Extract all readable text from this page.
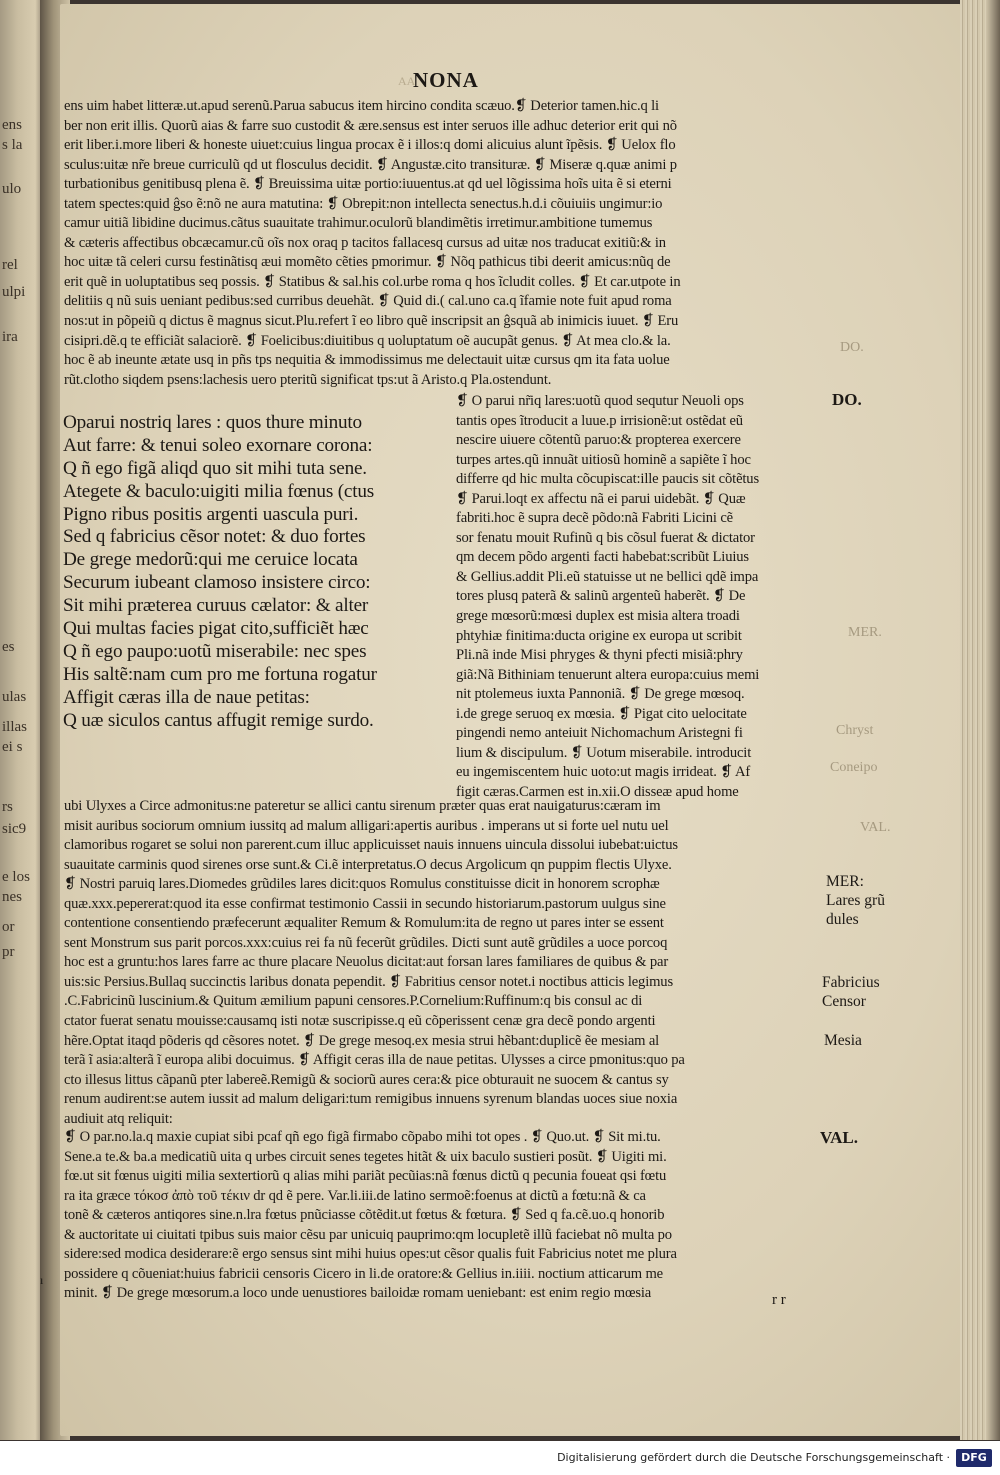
ens
s la
ulo
rel
ulpi
ira
es
ulas
illas
ei s
rs
sic9
e los
nes
or
pr
AA
NONA
ens uim habet litteræ.ut.apud serenũ.Parua sabucus item hircino condita scæuo.❡ Deterior tamen.hic.q li
ber non erit illis. Quorũ aias & farre suo custodit & ære.sensus est inter seruos ille adhuc deterior erit qui nõ
erit liber.i.more liberi & honeste uiuet:cuius lingua procax ẽ i illos:q domi alicuius alunt ĩpẽsis. ❡ Uelox flo
sculus:uitæ nr̃e breue curriculũ qd ut flosculus decidit. ❡ Angustæ.cito transituræ. ❡ Miseræ q.quæ animi p
turbationibus genitibusq plena ẽ. ❡ Breuissima uitæ portio:iuuentus.at qd uel lõgissima hoĩs uita ẽ si eterni
tatem spectes:quid ĝso ẽ:nõ ne aura matutina: ❡ Obrepit:non intellecta senectus.h.d.i cõuiuiis ungimur:io
camur uitiã libidine ducimus.cãtus suauitate trahimur.oculorũ blandimẽtis irretimur.ambitione tumemus
& cæteris affectibus obcæcamur.cũ oĩs nox oraq p tacitos fallacesq cursus ad uitæ nos traducat exitiũ:& in
hoc uitæ tã celeri cursu festinãtisq æui momẽto cẽties pmorimur. ❡ Nõq pathicus tibi deerit amicus:nũq de
erit quẽ in uoluptatibus seq possis. ❡ Statibus & sal.his col.urbe roma q hos ĩcludit colles. ❡ Et car.utpote in
delitiis q nũ suis ueniant pedibus:sed curribus deuehãt. ❡ Quid di.( cal.uno ca.q ĩfamie note fuit apud roma
nos:ut in põpeiũ q dictus ẽ magnus sicut.Plu.refert ĩ eo libro quẽ inscripsit an ĝsquã ab inimicis iuuet. ❡ Eru
cisipri.dẽ.q te efficiãt salaciorẽ. ❡ Foelicibus:diuitibus q uoluptatum oẽ aucupãt genus. ❡ At mea clo.& la.
hoc ẽ ab ineunte ætate usq in pñs tps nequitia & immodissimus me delectauit uitæ cursus qm ita fata uolue
rũt.clotho siqdem psens:lachesis uero pteritũ significat tps:ut ã Aristo.q Pla.ostendunt.
Oparui nostriq lares : quos thure minuto
Aut farre: & tenui soleo exornare corona:
Q ñ ego figã aliqd quo sit mihi tuta sene.
Ategete & baculo:uigiti milia fœnus (ctus
Pigno ribus positis argenti uascula puri.
Sed q fabricius cẽsor notet: & duo fortes
De grege medorũ:qui me ceruice locata
Securum iubeant clamoso insistere circo:
Sit mihi præterea curuus cælator: & alter
Qui multas facies pigat cito,sufficiẽt hæc
Q ñ ego paupo:uotũ miserabile: nec spes
His saltẽ:nam cum pro me fortuna rogatur
Affigit cæras illa de naue petitas:
Q uæ siculos cantus affugit remige surdo.
❡ O parui nr̃iq lares:uotũ quod sequtur Neuoli ops
tantis opes ĩtroducit a luue.p irrisionẽ:ut ostẽdat eũ
nescire uiuere cõtentũ paruo:& propterea exercere
turpes artes.qũ innuãt uitiosũ hominẽ a sapiẽte ĩ hoc
differre qd hic multa cõcupiscat:ille paucis sit cõtẽtus
❡ Parui.loqt ex affectu nã ei parui uidebãt. ❡ Quæ
fabriti.hoc ẽ supra decẽ põdo:nã Fabriti Licini cẽ
sor fenatu mouit Rufinũ q bis cõsul fuerat & dictator
qm decem põdo argenti facti habebat:scribũt Liuius
& Gellius.addit Pli.eũ statuisse ut ne bellici qdẽ impa
tores plusq paterã & salinũ argenteũ haberẽt. ❡ De
grege mœsorũ:mœsi duplex est misia altera troadi
phtyhiæ finitima:ducta origine ex europa ut scribit
Pli.nã inde Misi phryges & thyni pfecti misiã:phry
giã:Nã Bithiniam tenuerunt altera europa:cuius memi
nit ptolemeus iuxta Pannoniã. ❡ De grege mœsoq.
i.de grege seruoq ex mœsia. ❡ Pigat cito uelocitate
pingendi nemo anteiuit Nichomachum Aristegni fi
lium & discipulum. ❡ Uotum miserabile. introducit
eu ingemiscentem huic uoto:ut magis irrideat. ❡ Af
figit cæras.Carmen est in.xii.O disseæ apud home
ubi Ulyxes a Circe admonitus:ne pateretur se allici cantu sirenum præter quas erat nauigaturus:cæram im
misit auribus sociorum omnium iussitq ad malum alligari:apertis auribus . imperans ut si forte uel nutu uel
clamoribus rogaret se solui non parerent.cum illuc applicuisset nauis innuens uincula dissolui iubebat:uictus
suauitate carminis quod sirenes orse sunt.& Ci.ẽ interpretatus.O decus Argolicum qn puppim flectis Ulyxe.
❡ Nostri paruiq lares.Diomedes grũdiles lares dicit:quos Romulus constituisse dicit in honorem scrophæ
quæ.xxx.pepererat:quod ita esse confirmat testimonio Cassii in secundo historiarum.pastorum uulgus sine
contentione consentiendo præfecerunt æqualiter Remum & Romulum:ita de regno ut pares inter se essent
sent Monstrum sus parit porcos.xxx:cuius rei fa nũ fecerũt grũdiles. Dicti sunt autẽ grũdiles a uoce porcoq
hoc est a gruntu:hos lares farre ac thure placare Neuolus dicitat:aut forsan lares familiares de quibus & par
uis:sic Persius.Bullaq succinctis laribus donata pependit. ❡ Fabritius censor notet.i noctibus atticis legimus
.C.Fabricinũ luscinium.& Quitum æmilium papuni censores.P.Cornelium:Ruffinum:q bis consul ac di
ctator fuerat senatu mouisse:causamq isti notæ suscripisse.q eũ cõperissent cenæ gra decẽ pondo argenti
hẽre.Optat itaqd põderis qd cẽsores notet. ❡ De grege mesoq.ex mesia strui hẽbant:duplicẽ ẽe mesiam al
terã ĩ asia:alterã ĩ europa alibi docuimus. ❡ Affigit ceras illa de naue petitas. Ulysses a circe pmonitus:quo pa
cto illesus littus cãpanũ pter labereẽ.Remigũ & sociorũ aures cera:& pice obturauit ne suocem & cantus sy
renum audirent:se autem iussit ad malum deligari:tum remigibus innuens syrenum blandas uoces siue noxia
audiuit atq reliquit:
❡ O par.no.la.q maxie cupiat sibi pcaf qñ ego figã firmabo cõpabo mihi tot opes . ❡ Quo.ut. ❡ Sit mi.tu.
Sene.a te.& ba.a medicatiũ uita q urbes circuit senes tegetes hitãt & uix baculo sustieri posũt. ❡ Uigiti mi.
fœ.ut sit fœnus uigiti milia sextertiorũ q alias mihi pariãt pecũias:nã fœnus dictũ q pecunia foueat qsi fœtu
ra ita græce τόκοσ ἀπὸ τοῦ τέκιν dr qd ẽ pere. Var.li.iii.de latino sermoẽ:foenus at dictũ a fœtu:nã & ca
tonẽ & cæteros antiqores sine.n.lra fœtus pnũciasse cõtẽdit.ut fœtus & fœtura. ❡ Sed q fa.cẽ.uo.q honorib
& auctoritate ui ciuitati tpibus suis maior cẽsu par unicuiq pauprimo:qm locupletẽ illũ faciebat nõ multa po
sidere:sed modica desiderare:ẽ ergo sensus sint mihi huius opes:ut cẽsor qualis fuit Fabricius notet me plura
possidere q cõueniat:huius fabricii censoris Cicero in li.de oratore:& Gellius in.iiii. noctium atticarum me
minit. ❡ De grege mœsorum.a loco unde uenustiores bailoidæ romam ueniebant: est enim regio mœsia
DO.
MER.
Chryst
Coneipo
VAL.
DO.
MER:
Lares grũ
dules
Fabricius
Censor
Mesia
VAL.
ı
r r
Digitalisierung gefördert durch die Deutsche Forschungsgemeinschaft ·	DFG
